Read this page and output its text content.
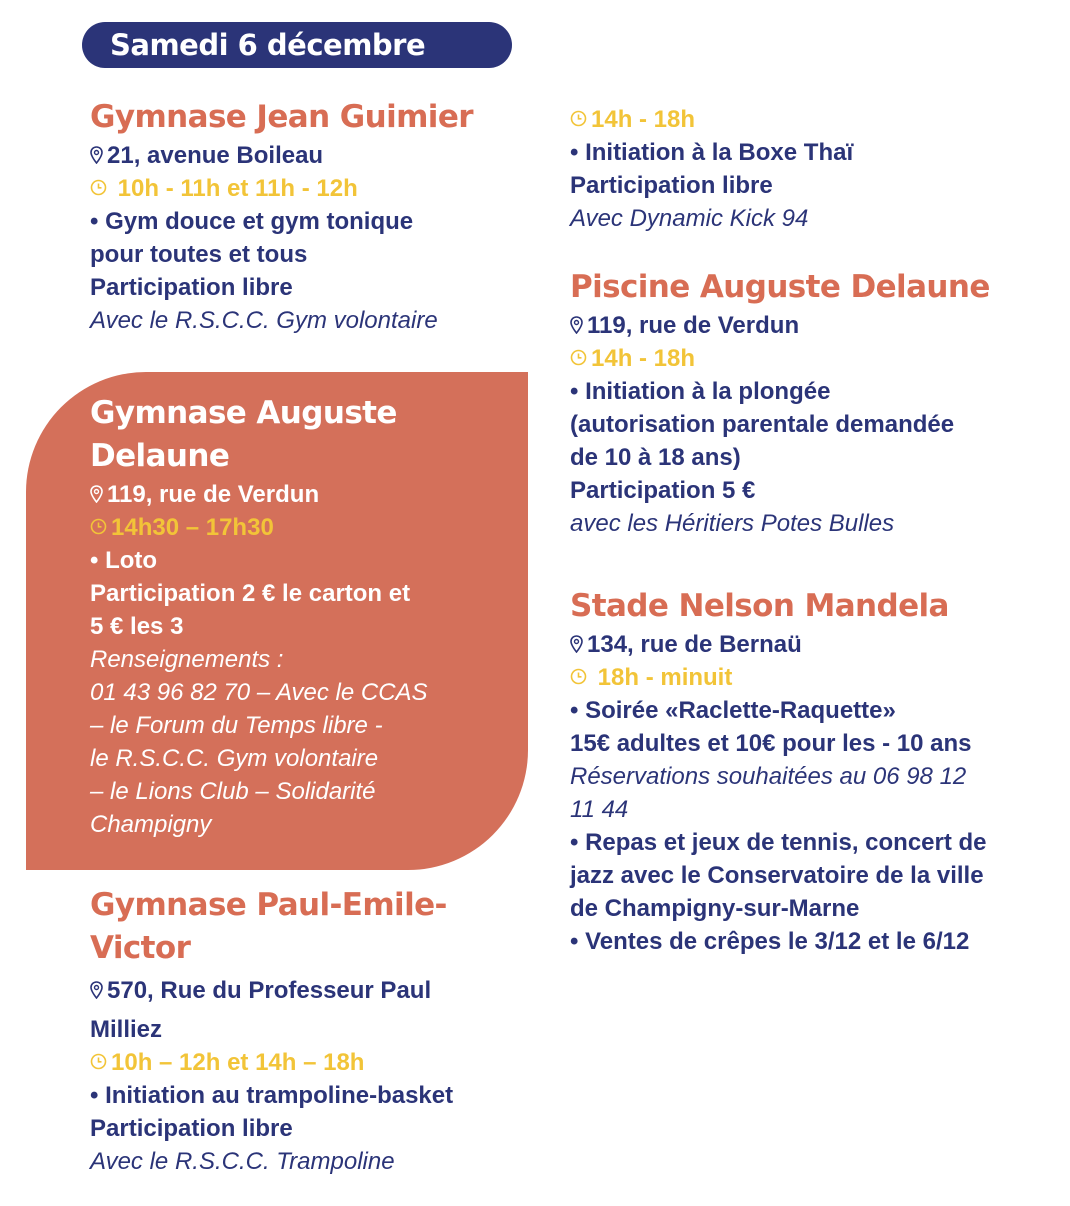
Samedi 6 décembre
Gymnase Jean Guimier
21, avenue Boileau
10h - 11h et 11h - 12h
• Gym douce et gym tonique
pour toutes et tous
Participation libre
Avec le R.S.C.C. Gym volontaire
Gymnase Auguste
Delaune
119, rue de Verdun
14h30 – 17h30
• Loto
Participation 2 € le carton et
5 € les 3
Renseignements :
01 43 96 82 70 – Avec le CCAS
– le Forum du Temps libre -
le R.S.C.C. Gym volontaire
– le Lions Club – Solidarité
Champigny
Gymnase Paul-Emile-
Victor
570, Rue du Professeur Paul
Milliez
10h – 12h et 14h – 18h
• Initiation au trampoline-basket
Participation libre
Avec le R.S.C.C. Trampoline
14h - 18h
• Initiation à la Boxe Thaï
Participation libre
Avec Dynamic Kick 94
Piscine Auguste Delaune
119, rue de Verdun
14h - 18h
• Initiation à la plongée
(autorisation parentale demandée
de 10 à 18 ans)
Participation 5 €
avec les Héritiers Potes Bulles
Stade Nelson Mandela
134, rue de Bernaü
18h - minuit
• Soirée «Raclette-Raquette»
15€ adultes et 10€ pour les - 10 ans
Réservations souhaitées au 06 98 12
11 44
• Repas et jeux de tennis, concert de
jazz avec le Conservatoire de la ville
de Champigny-sur-Marne
• Ventes de crêpes le 3/12 et le 6/12
